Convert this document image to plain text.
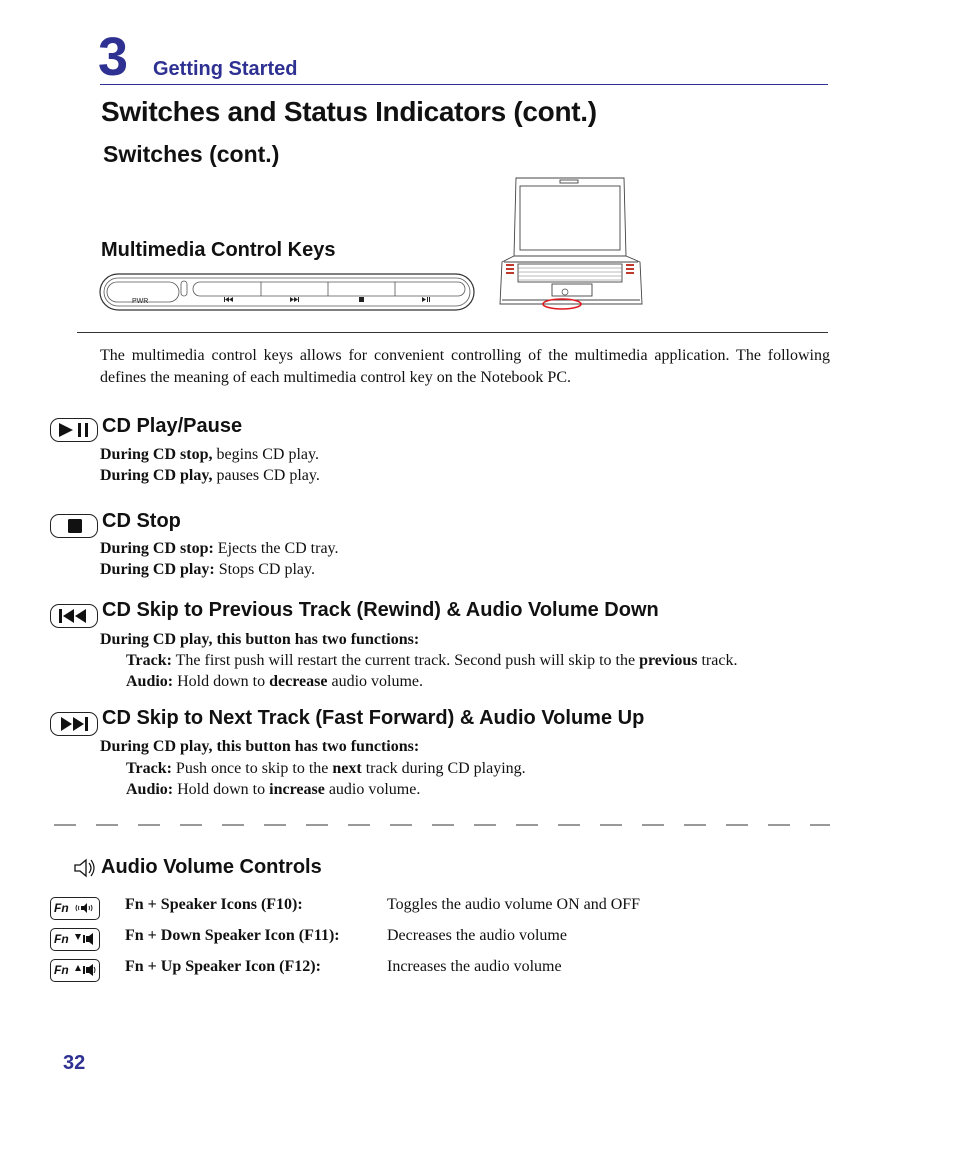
3 Getting Started
Switches and Status Indicators (cont.)
Switches (cont.)
Multimedia Control Keys
PWR
The multimedia control keys allows for convenient controlling of the multimedia application. The following defines the meaning of each multimedia control key on the Notebook PC.
CD Play/Pause
During CD stop, begins CD play.
During CD play, pauses CD play.
CD Stop
During CD stop: Ejects the CD tray.
During CD play: Stops CD play.
CD Skip to Previous Track (Rewind) & Audio Volume Down
During CD play, this button has two functions:
Track: The first push will restart the current track. Second push will skip to the previous track.
Audio: Hold down to decrease audio volume.
CD Skip to Next Track (Fast Forward) & Audio Volume Up
During CD play, this button has two functions:
Track: Push once to skip to the next track during CD playing.
Audio: Hold down to increase audio volume.
Audio Volume Controls
Fn
Fn
Fn
Fn + Speaker Icons (F10):	Toggles the audio volume ON and OFF
Fn + Down Speaker Icon (F11):	Decreases the audio volume
Fn + Up Speaker Icon (F12):	Increases the audio volume
32
